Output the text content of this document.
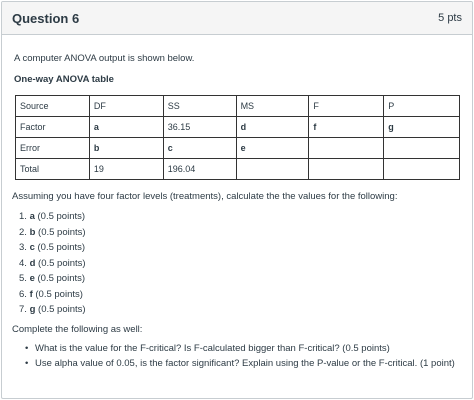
Question 6	5 pts
A computer ANOVA output is shown below.
One-way ANOVA table
Source	DF	SS	MS	F	P
Factor	a	36.15	d	f	g
Error	b	c	e		
Total	19	196.04			
Assuming you have four factor levels (treatments), calculate the the values for the following:
1. a (0.5 points)
2. b (0.5 points)
3. c (0.5 points)
4. d (0.5 points)
5. e (0.5 points)
6. f (0.5 points)
7. g (0.5 points)
Complete the following as well:
• What is the value for the F-critical? Is F-calculated bigger than F-critical? (0.5 points)
• Use alpha value of 0.05, is the factor significant? Explain using the P-value or the F-critical. (1 point)
